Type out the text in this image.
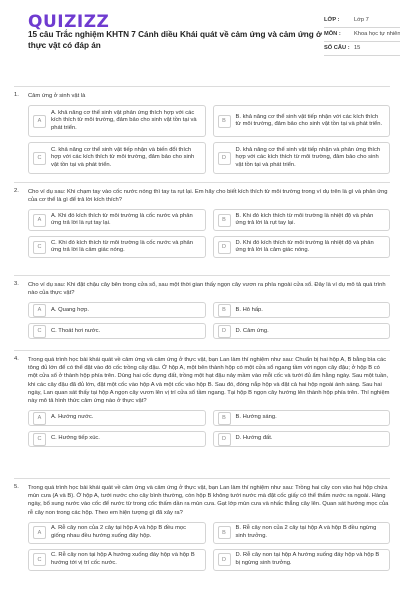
QUIZIZZ
15 câu Trắc nghiệm KHTN 7 Cánh diều Khái quát về cảm ứng và cảm ứng ở thực vật có đáp án
LỚP :	Lớp 7
MÔN :	Khoa học tự nhiên
SỐ CÂU : 15
1.	Cảm ứng ở sinh vật là
A
A. khả năng cơ thể sinh vật phản ứng thích hợp với các kích thích từ môi trường, đảm bảo cho sinh vật tồn tại và phát triển.
B
B. khả năng cơ thể sinh vật tiếp nhận với các kích thích từ môi trường, đảm bảo cho sinh vật tồn tại và phát triển.
C
C. khả năng cơ thể sinh vật tiếp nhận và biến đổi thích hợp với các kích thích từ môi trường, đảm bảo cho sinh vật tồn tại và phát triển.
D
D. khả năng cơ thể sinh vật tiếp nhận và phản ứng thích hợp với các kích thích từ môi trường, đảm bảo cho sinh vật tồn tại và phát triển.
2.	Cho ví dụ sau: Khi chạm tay vào cốc nước nóng thì tay ta rụt lại. Em hãy cho biết kích thích từ môi trường trong ví dụ trên là gì và phản ứng của cơ thể là gì để trả lời kích thích?
A
A. Khi đó kích thích từ môi trường là cốc nước và phản ứng trả lời là rụt tay lại.	B
B. Khi đó kích thích từ môi trường là nhiệt độ và phản ứng trả lời là rụt tay lại.
C
C. Khi đó kích thích từ môi trường là cốc nước và phản ứng trả lời là cảm giác nóng.	D
D. Khi đó kích thích từ môi trường là nhiệt độ và phản ứng trả lời là cảm giác nóng.
3.	Cho ví dụ sau: Khi đặt chậu cây bên trong cửa sổ, sau một thời gian thấy ngọn cây vươn ra phía ngoài cửa sổ. Đây là ví dụ mô tả quá trình nào của thực vật?
A	A. Quang hợp.	B	B. Hô hấp.
C	C. Thoát hơi nước.	D	D. Cảm ứng.
4.	Trong quá trình học bài khái quát về cảm ứng và cảm ứng ở thực vật, bạn Lan làm thí nghiệm như sau: Chuẩn bị hai hộp A, B bằng bìa các tông đủ lớn để có thể đặt vào đó cốc trồng cây đậu. Ở hộp A, một bên thành hộp có một cửa sổ ngang tầm với ngọn cây đậu; ở hộp B có một cửa sổ ở thành hộp phía trên. Dùng hai cốc đựng đất, trồng một hạt đậu nảy mầm vào mỗi cốc và tưới đủ ẩm hằng ngày. Sau một tuần, khi các cây đậu đã đủ lớn, đặt một cốc vào hộp A và một cốc vào hộp B. Sau đó, đóng nắp hộp và đặt cả hai hộp ngoài ánh sáng. Sau hai ngày, Lan quan sát thấy tại hộp A ngọn cây vươn lên vị trí cửa sổ tầm ngang. Tại hộp B ngọn cây hướng lên thành hộp phía trên. Thí nghiệm này mô tả hình thức cảm ứng nào ở thực vật?
A	A. Hướng nước.	B	B. Hướng sáng.
C	C. Hướng tiếp xúc.	D	D. Hướng đất.
5.	Trong quá trình học bài khái quát về cảm ứng và cảm ứng ở thực vật, bạn Lan làm thí nghiệm như sau: Trồng hai cây con vào hai hộp chứa mùn cưa (A và B). Ở hộp A, tưới nước cho cây bình thường, còn hộp B không tưới nước mà đặt cốc giấy có thể thấm nước ra ngoài. Hàng ngày, bổ sung nước vào cốc để nước từ trong cốc thấm dần ra mùn cưa. Gạt lớp mùn cưa và nhấc thẳng cây lên. Quan sát hướng mọc của rễ cây non trong các hộp. Theo em hiện tượng gì đã xảy ra?
A
A. Rễ cây non của 2 cây tại hộp A và hộp B đều mọc giống nhau đều hướng xuống đáy hộp.	B
B. Rễ cây non của 2 cây tại hộp A và hộp B đều ngừng sinh trưởng.
C
C. Rễ cây non tại hộp A hướng xuống đáy hộp và hộp B hướng tới vị trí cốc nước.	D
D. Rễ cây non tại hộp A hướng xuống đáy hộp và hộp B bị ngừng sinh trưởng.
